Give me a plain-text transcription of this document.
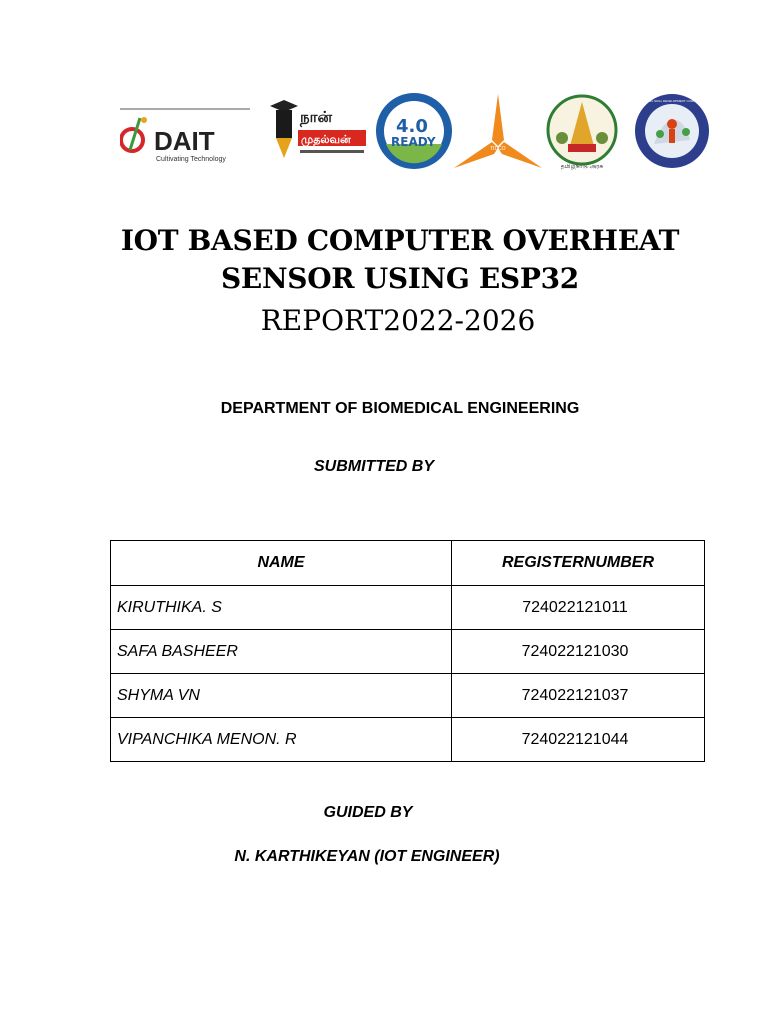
DAIT
Cultivating Technology
நான்
முதல்வன்
4.0
READY	TIDCO
தமிழ்நாடு அரசு
TAMIL NADU SKILL DEVELOPMENT CORPORATION
IOT BASED COMPUTER OVERHEAT
SENSOR USING ESP32
REPORT2022-2026
DEPARTMENT OF BIOMEDICAL ENGINEERING
SUBMITTED BY
NAME	REGISTERNUMBER
KIRUTHIKA. S	724022121011
SAFA BASHEER	724022121030
SHYMA VN	724022121037
VIPANCHIKA MENON. R	724022121044
GUIDED BY
N. KARTHIKEYAN (IOT ENGINEER)
